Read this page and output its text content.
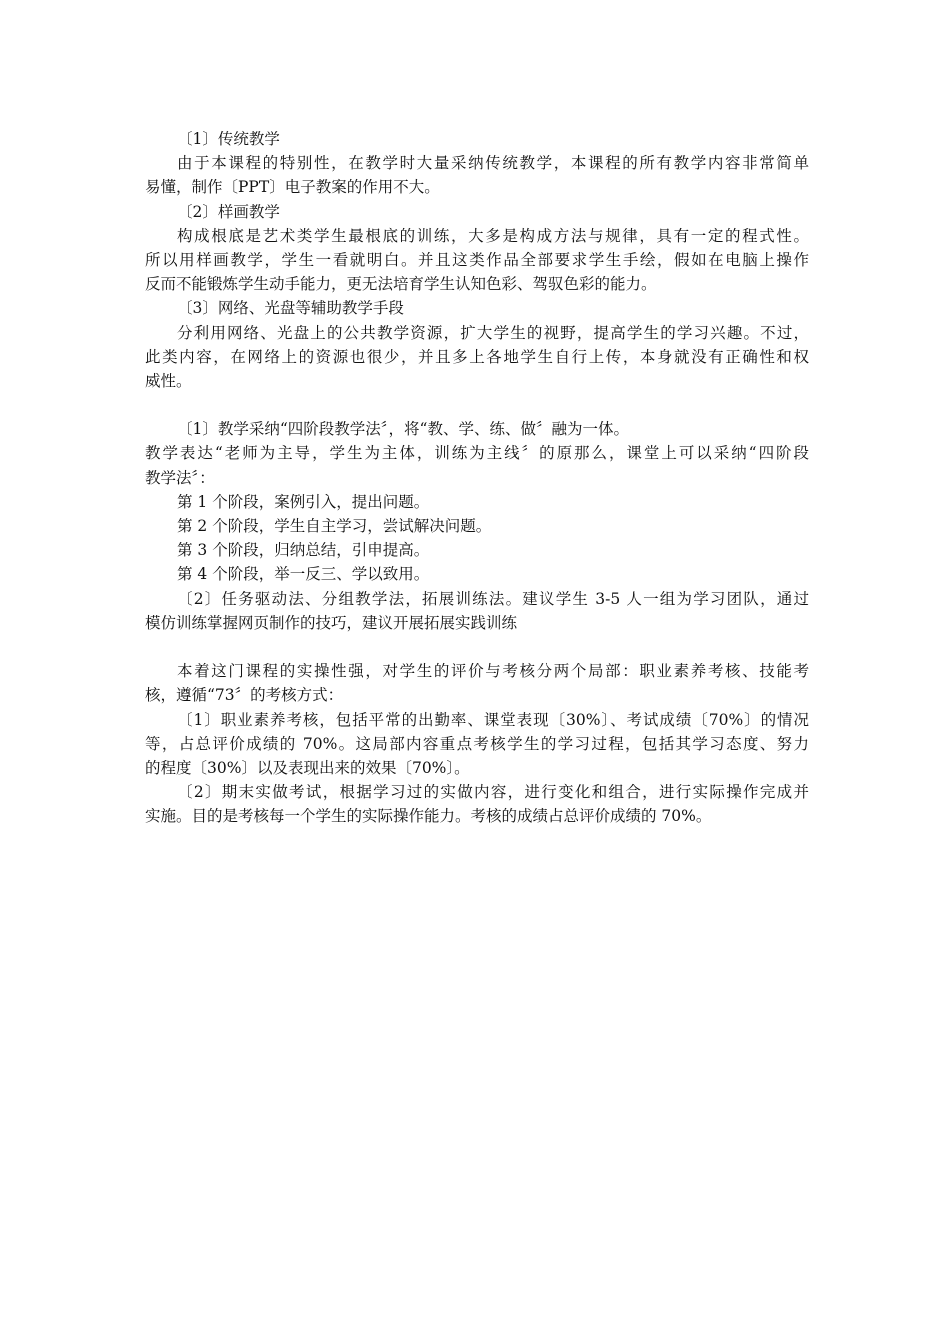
〔1〕传统教学
由于本课程的特别性，在教学时大量采纳传统教学，本课程的所有教学内容非常简单
易懂，制作〔PPT〕电子教案的作用不大。
〔2〕样画教学
构成根底是艺术类学生最根底的训练，大多是构成方法与规律，具有一定的程式性。
所以用样画教学，学生一看就明白。并且这类作品全部要求学生手绘，假如在电脑上操作
反而不能锻炼学生动手能力，更无法培育学生认知色彩、驾驭色彩的能力。
〔3〕网络、光盘等辅助教学手段
分利用网络、光盘上的公共教学资源，扩大学生的视野，提高学生的学习兴趣。不过，
此类内容，在网络上的资源也很少，并且多上各地学生自行上传，本身就没有正确性和权
威性。
〔1〕教学采纳“四阶段教学法〞，将“教、学、练、做〞融为一体。
教学表达“老师为主导，学生为主体，训练为主线〞的原那么，课堂上可以采纳“四阶段
教学法〞：
第 1 个阶段，案例引入，提出问题。
第 2 个阶段，学生自主学习，尝试解决问题。
第 3 个阶段，归纳总结，引申提高。
第 4 个阶段，举一反三、学以致用。
〔2〕任务驱动法、分组教学法，拓展训练法。建议学生 3-5 人一组为学习团队，通过
模仿训练掌握网页制作的技巧，建议开展拓展实践训练
本着这门课程的实操性强，对学生的评价与考核分两个局部：职业素养考核、技能考
核，遵循“73〞的考核方式：
〔1〕职业素养考核，包括平常的出勤率、课堂表现〔30%〕、考试成绩〔70%〕的情况
等，占总评价成绩的 70%。这局部内容重点考核学生的学习过程，包括其学习态度、努力
的程度〔30%〕以及表现出来的效果〔70%〕。
〔2〕期末实做考试，根据学习过的实做内容，进行变化和组合，进行实际操作完成并
实施。目的是考核每一个学生的实际操作能力。考核的成绩占总评价成绩的 70%。
